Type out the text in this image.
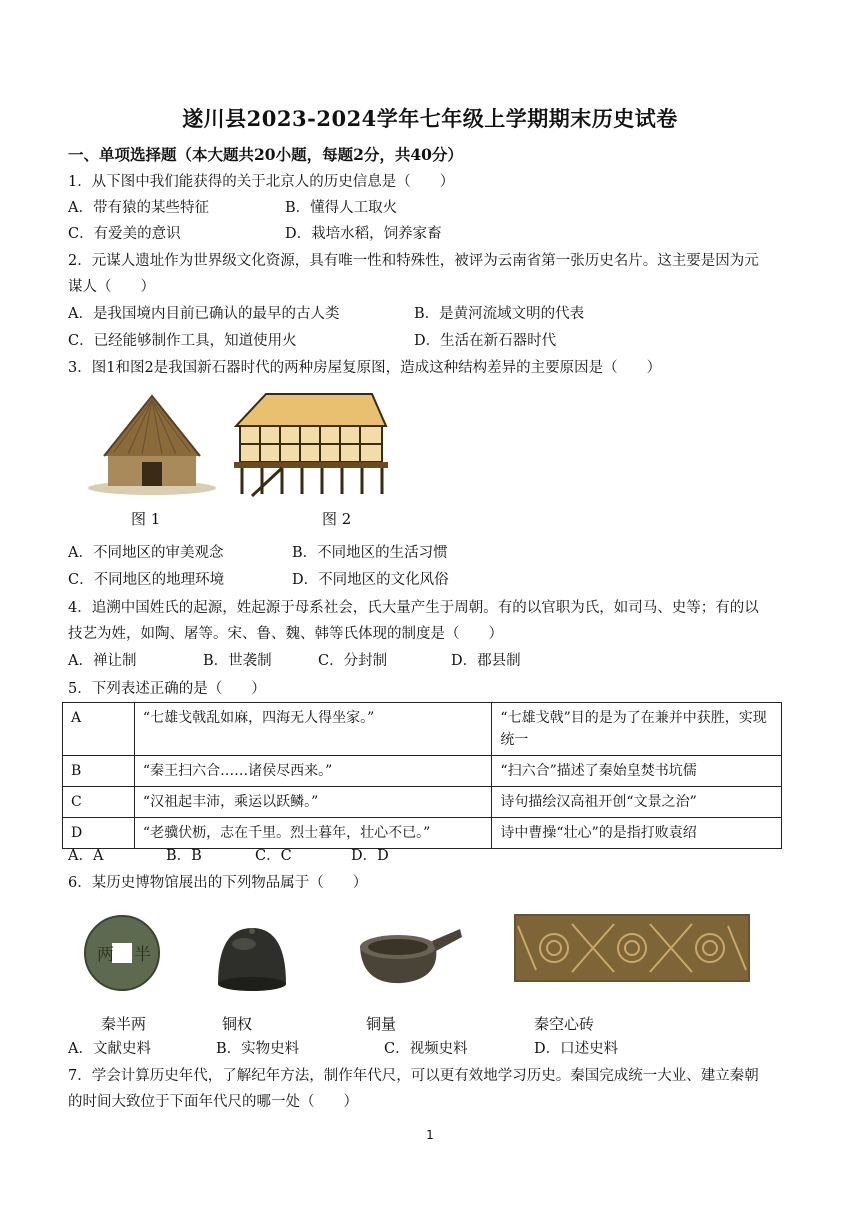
遂川县2023-2024学年七年级上学期期末历史试卷
一、单项选择题（本大题共20小题，每题2分，共40分）
1．从下图中我们能获得的关于北京人的历史信息是（　　）
A．带有猿的某些特征	B．懂得人工取火
C．有爱美的意识	D．栽培水稻，饲养家畜
2．元谋人遗址作为世界级文化资源，具有唯一性和特殊性，被评为云南省第一张历史名片。这主要是因为元
谋人（　　）
A．是我国境内目前已确认的最早的古人类	B．是黄河流域文明的代表
C．已经能够制作工具，知道使用火	D．生活在新石器时代
3．图1和图2是我国新石器时代的两种房屋复原图，造成这种结构差异的主要原因是（　　）
图 1	图 2
A．不同地区的审美观念	B．不同地区的生活习惯
C．不同地区的地理环境	D．不同地区的文化风俗
4．追溯中国姓氏的起源，姓起源于母系社会，氏大量产生于周朝。有的以官职为氏，如司马、史等；有的以
技艺为姓，如陶、屠等。宋、鲁、魏、韩等氏体现的制度是（　　）
A．禅让制	B．世袭制	C．分封制	D．郡县制
5．下列表述正确的是（　　）
A	“七雄戈戟乱如麻，四海无人得坐家。”	“七雄戈戟”目的是为了在兼并中获胜，实现统一
B	“秦王扫六合……诸侯尽西来。”	“扫六合”描述了秦始皇焚书坑儒
C	“汉祖起丰沛，乘运以跃鳞。”	诗句描绘汉高祖开创“文景之治”
D	“老骥伏枥，志在千里。烈士暮年，壮心不已。”	诗中曹操“壮心”的是指打败袁绍
A．A	B．B	C．C	D．D
6．某历史博物馆展出的下列物品属于（　　）
两 半
秦半两	铜权	铜量	秦空心砖
A．文献史料	B．实物史料	C．视频史料	D．口述史料
7．学会计算历史年代，了解纪年方法，制作年代尺，可以更有效地学习历史。秦国完成统一大业、建立秦朝
的时间大致位于下面年代尺的哪一处（　　）
1
